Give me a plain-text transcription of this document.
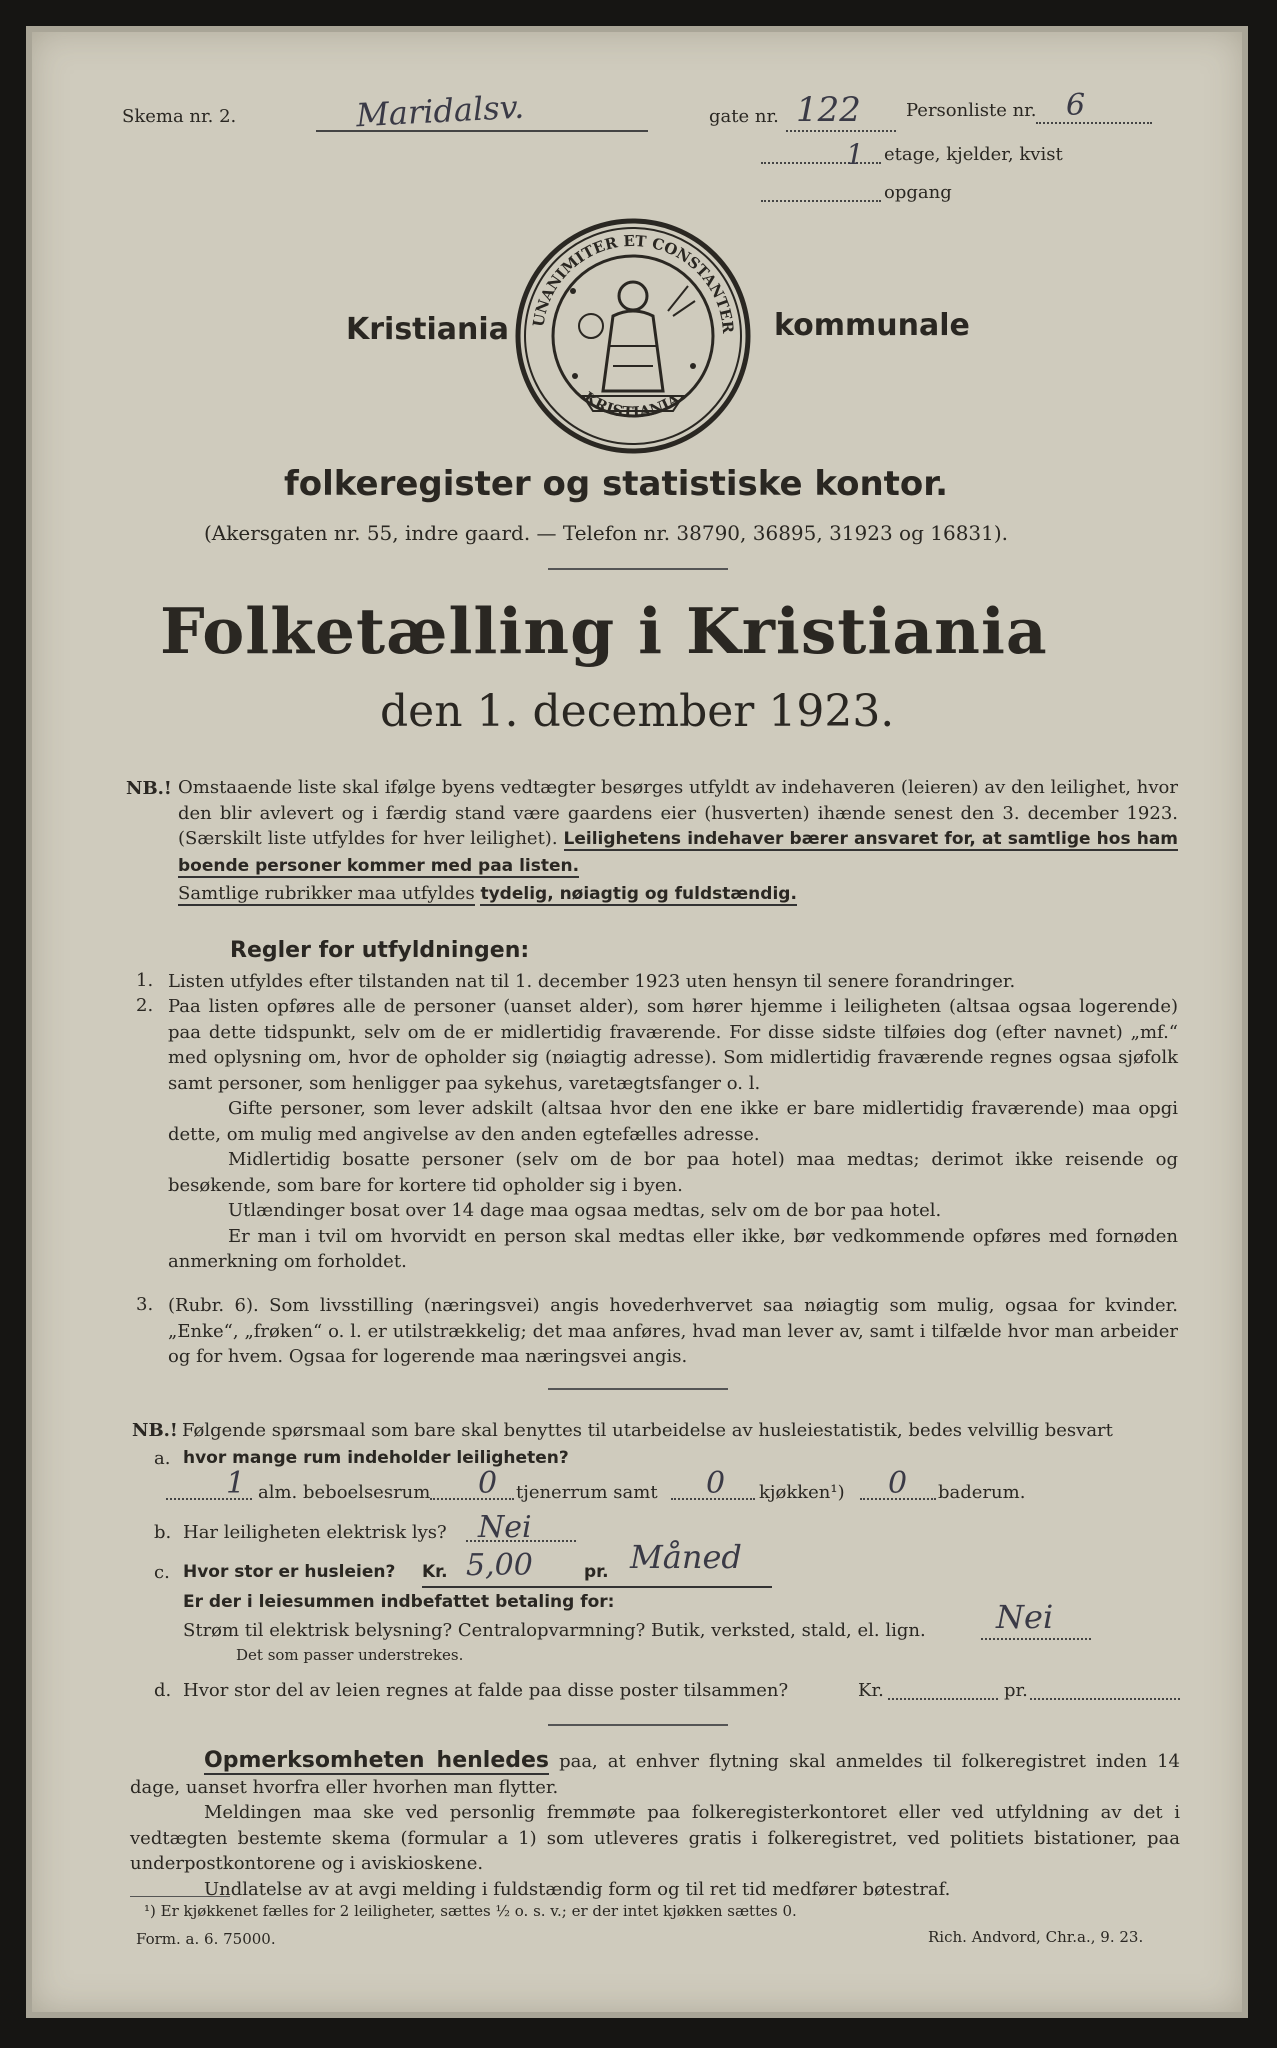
Skema nr. 2.	Maridalsv.	gate nr. 122	Personliste nr. 6
1 etage, kjelder, kvist
opgang
Kristiania UNANIMITER ET CONSTANTER
KRISTIANIA
kommunale
folkeregister og statistiske kontor.
(Akersgaten nr. 55, indre gaard. — Telefon nr. 38790, 36895, 31923 og 16831).
Folketælling i Kristiania
den 1. december 1923.
NB.! Omstaaende liste skal ifølge byens vedtægter besørges utfyldt av indehaveren (leieren) av den leilighet, hvor den blir avlevert og i færdig stand være gaardens eier (husverten) ihænde senest den 3. december 1923. (Særskilt liste utfyldes for hver leilighet). Leilighetens indehaver bærer ansvaret for, at samtlige hos ham boende personer kommer med paa listen.

Samtlige rubrikker maa utfyldes tydelig, nøiagtig og fuldstændig.

Regler for utfyldningen:
1. Listen utfyldes efter tilstanden nat til 1. december 1923 uten hensyn til senere forandringer.
2. Paa listen opføres alle de personer (uanset alder), som hører hjemme i leiligheten (altsaa ogsaa logerende) paa dette tidspunkt, selv om de er midlertidig fraværende. For disse sidste tilføies dog (efter navnet) „mf.“ med oplysning om, hvor de opholder sig (nøiagtig adresse). Som midlertidig fraværende regnes ogsaa sjøfolk samt personer, som henligger paa sykehus, varetægtsfanger o. l.

Gifte personer, som lever adskilt (altsaa hvor den ene ikke er bare midlertidig fraværende) maa opgi dette, om mulig med angivelse av den anden egtefælles adresse.

Midlertidig bosatte personer (selv om de bor paa hotel) maa medtas; derimot ikke reisende og besøkende, som bare for kortere tid opholder sig i byen.

Utlændinger bosat over 14 dage maa ogsaa medtas, selv om de bor paa hotel.

Er man i tvil om hvorvidt en person skal medtas eller ikke, bør vedkommende opføres med fornøden anmerkning om forholdet.

3. (Rubr. 6). Som livsstilling (næringsvei) angis hovederhvervet saa nøiagtig som mulig, ogsaa for kvinder. „Enke“, „frøken“ o. l. er utilstrækkelig; det maa anføres, hvad man lever av, samt i tilfælde hvor man arbeider og for hvem. Ogsaa for logerende maa næringsvei angis.
NB.! Følgende spørsmaal som bare skal benyttes til utarbeidelse av husleiestatistik, bedes velvillig besvart
a. hvor mange rum indeholder leiligheten?
1 alm. beboelsesrum 0 tjenerrum samt 0 kjøkken¹) 0 baderum.
b. Har leiligheten elektrisk lys? Nei
c. Hvor stor er husleien? Kr. 5,00	pr. Måned
Er der i leiesummen indbefattet betaling for:
Strøm til elektrisk belysning? Centralopvarmning? Butik, verksted, stald, el. lign. Nei
Det som passer understrekes.
d. Hvor stor del av leien regnes at falde paa disse poster tilsammen?	Kr.	pr.

Opmerksomheten henledes paa, at enhver flytning skal anmeldes til folkeregistret inden 14 dage, uanset hvorfra eller hvorhen man flytter.

Meldingen maa ske ved personlig fremmøte paa folkeregisterkontoret eller ved utfyldning av det i vedtægten bestemte skema (formular a 1) som utleveres gratis i folkeregistret, ved politiets bistationer, paa underpostkontorene og i aviskioskene.

Undlatelse av at avgi melding i fuldstændig form og til ret tid medfører bøtestraf.

¹) Er kjøkkenet fælles for 2 leiligheter, sættes ½ o. s. v.; er der intet kjøkken sættes 0.
Form. a. 6. 75000.	Rich. Andvord, Chr.a., 9. 23.
